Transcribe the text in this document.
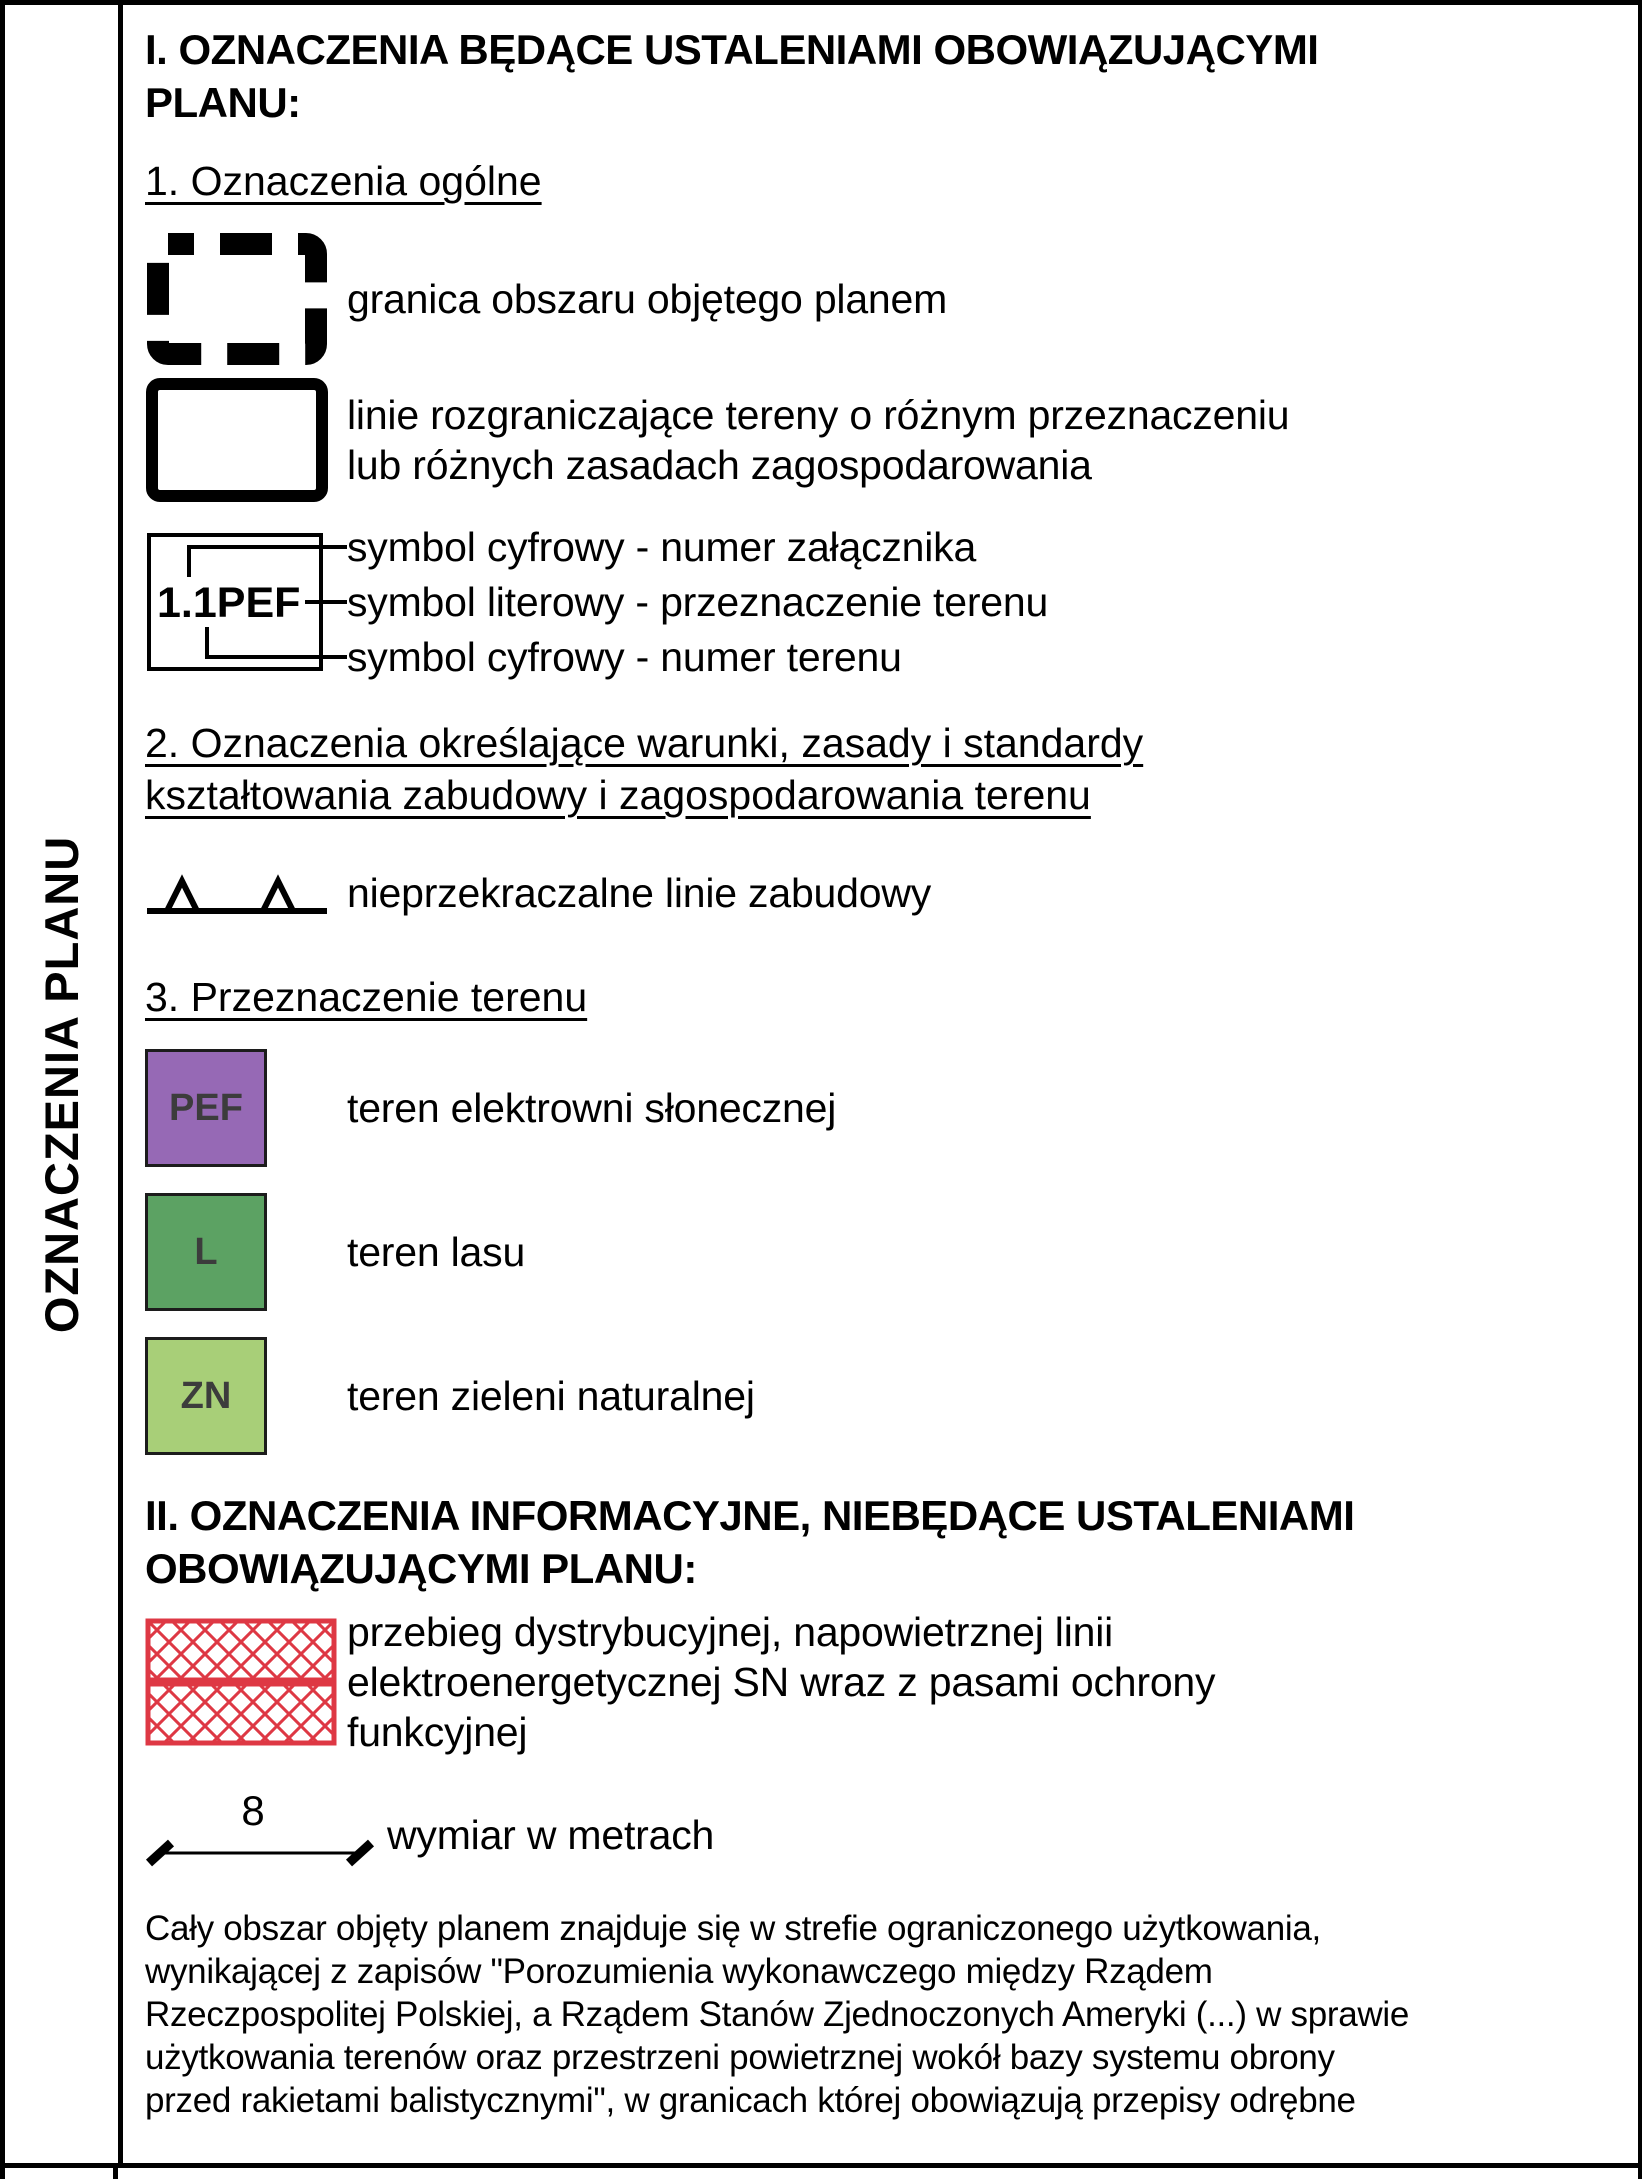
OZNACZENIA PLANU
I. OZNACZENIA BĘDĄCE USTALENIAMI OBOWIĄZUJĄCYMI
PLANU:
1. Oznaczenia ogólne
granica obszaru objętego planem
linie rozgraniczające tereny o różnym przeznaczeniu
lub różnych zasadach zagospodarowania
1.1PEF
symbol cyfrowy - numer załącznika
symbol literowy - przeznaczenie terenu
symbol cyfrowy - numer terenu
2. Oznaczenia określające warunki, zasady i standardy
kształtowania zabudowy i zagospodarowania terenu
nieprzekraczalne linie zabudowy
3. Przeznaczenie terenu
PEF	teren elektrowni słonecznej
L	teren lasu
ZN	teren zieleni naturalnej
II. OZNACZENIA INFORMACYJNE, NIEBĘDĄCE USTALENIAMI
OBOWIĄZUJĄCYMI PLANU:
przebieg dystrybucyjnej, napowietrznej linii
elektroenergetycznej SN wraz z pasami ochrony
funkcyjnej
8
wymiar w metrach
Cały obszar objęty planem znajduje się w strefie ograniczonego użytkowania,
wynikającej z zapisów "Porozumienia wykonawczego między Rządem
Rzeczpospolitej Polskiej, a Rządem Stanów Zjednoczonych Ameryki (...) w sprawie
użytkowania terenów oraz przestrzeni powietrznej wokół bazy systemu obrony
przed rakietami balistycznymi", w granicach której obowiązują przepisy odrębne
